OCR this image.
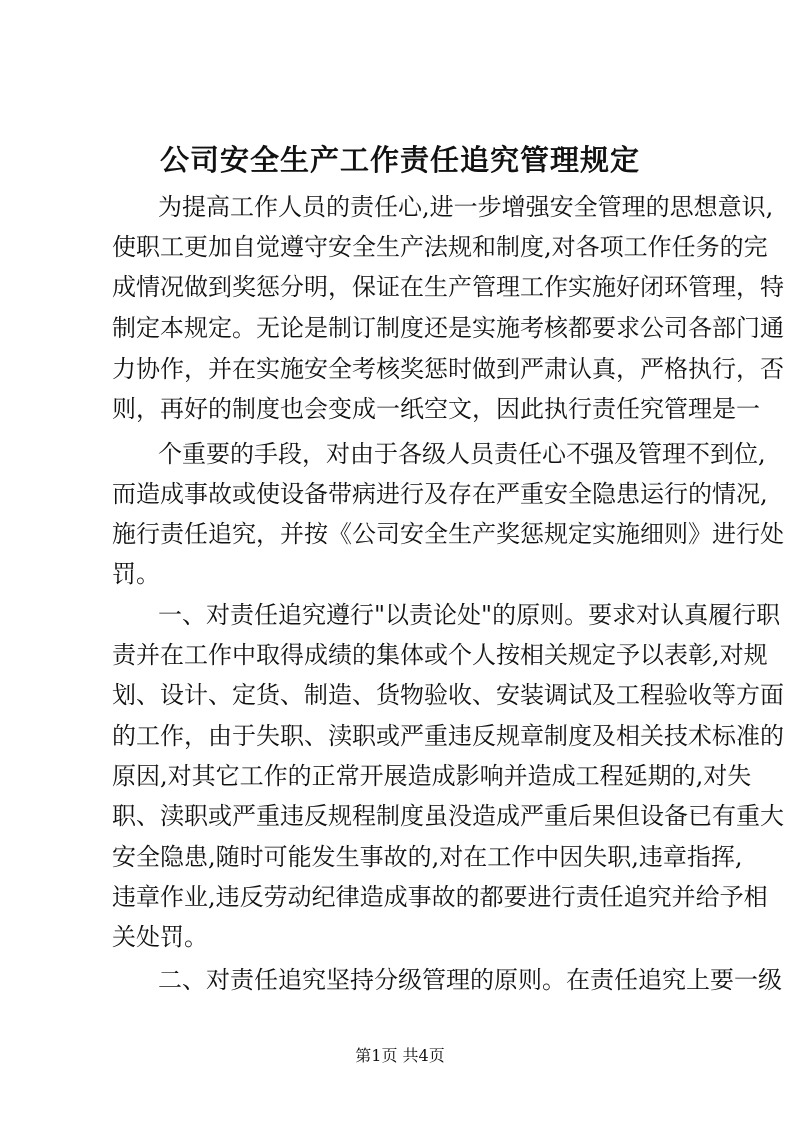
公司安全生产工作责任追究管理规定

为提高工作人员的责任心,进一步增强安全管理的思想意识,

使职工更加自觉遵守安全生产法规和制度,对各项工作任务的完

成情况做到奖惩分明，保证在生产管理工作实施好闭环管理，特

制定本规定。无论是制订制度还是实施考核都要求公司各部门通

力协作，并在实施安全考核奖惩时做到严肃认真，严格执行，否

则，再好的制度也会变成一纸空文，因此执行责任究管理是一

个重要的手段，对由于各级人员责任心不强及管理不到位,

而造成事故或使设备带病进行及存在严重安全隐患运行的情况,

施行责任追究，并按《公司安全生产奖惩规定实施细则》进行处

罚。

一、对责任追究遵行"以责论处"的原则。要求对认真履行职

责并在工作中取得成绩的集体或个人按相关规定予以表彰,对规

划、设计、定货、制造、货物验收、安装调试及工程验收等方面

的工作，由于失职、渎职或严重违反规章制度及相关技术标准的

原因,对其它工作的正常开展造成影响并造成工程延期的,对失

职、渎职或严重违反规程制度虽没造成严重后果但设备已有重大

安全隐患,随时可能发生事故的,对在工作中因失职,违章指挥,

违章作业,违反劳动纪律造成事故的都要进行责任追究并给予相

关处罚。

二、对责任追究坚持分级管理的原则。在责任追究上要一级

第1页 共4页
